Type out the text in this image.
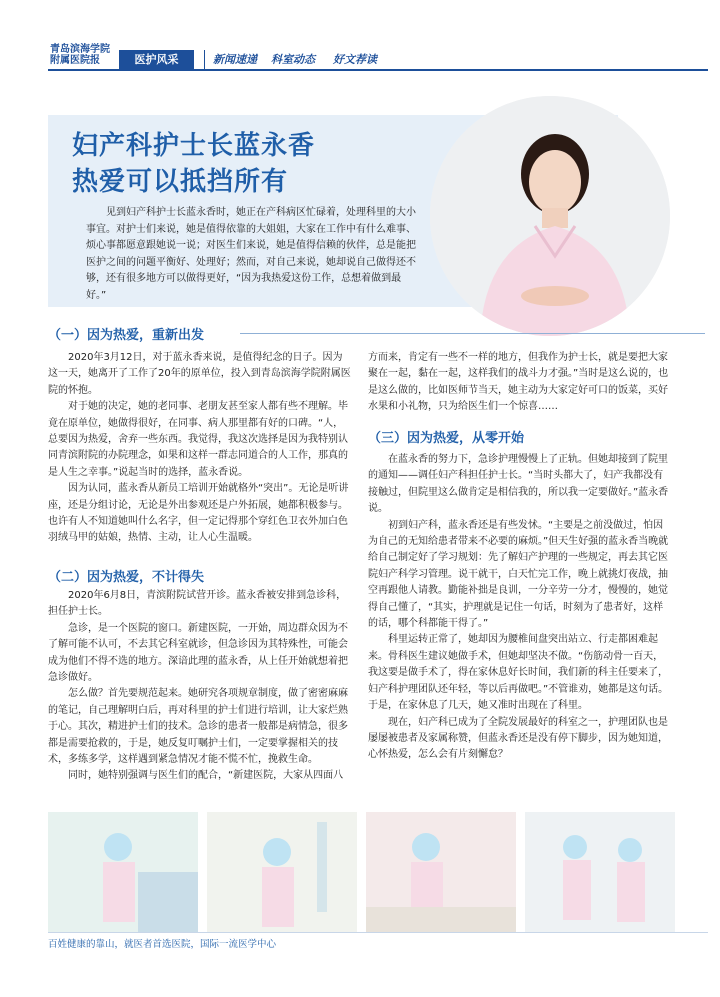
青岛滨海学院
附属医院报	医护风采	新闻速递 科室动态 好文荐读
妇产科护士长蓝永香
热爱可以抵挡所有
见到妇产科护士长蓝永香时，她正在产科病区忙碌着，处理科里的大小事宜。对护士们来说，她是值得依靠的大姐姐，大家在工作中有什么难事、烦心事都愿意跟她说一说；对医生们来说，她是值得信赖的伙伴，总是能把医护之间的问题平衡好、处理好；然而，对自己来说，她却说自己做得还不够，还有很多地方可以做得更好，“因为我热爱这份工作，总想着做到最好。”
（一）因为热爱，重新出发

2020年3月12日，对于蓝永香来说，是值得纪念的日子。因为这一天，她离开了工作了20年的原单位，投入到青岛滨海学院附属医院的怀抱。

对于她的决定，她的老同事、老朋友甚至家人都有些不理解。毕竟在原单位，她做得很好，在同事、病人那里都有好的口碑。“人，总要因为热爱，舍弃一些东西。我觉得，我这次选择是因为我特别认同青滨附院的办院理念，如果和这样一群志同道合的人工作，那真的是人生之幸事。”说起当时的选择，蓝永香说。

因为认同，蓝永香从新员工培训开始就格外“突出”。无论是听讲座，还是分组讨论，无论是外出参观还是户外拓展，她都积极参与。也许有人不知道她叫什么名字，但一定记得那个穿红色卫衣外加白色羽绒马甲的姑娘，热情、主动，让人心生温暖。

（二）因为热爱，不计得失

2020年6月8日，青滨附院试营开诊。蓝永香被安排到急诊科，担任护士长。

急诊，是一个医院的窗口。新建医院，一开始，周边群众因为不了解可能不认可，不去其它科室就诊，但急诊因为其特殊性，可能会成为他们不得不选的地方。深谙此理的蓝永香，从上任开始就想着把急诊做好。

怎么做？首先要规范起来。她研究各项规章制度，做了密密麻麻的笔记，自己理解明白后，再对科里的护士们进行培训，让大家烂熟于心。其次，精进护士们的技术。急诊的患者一般都是病情急，很多都是需要抢救的，于是，她反复叮嘱护士们，一定要掌握相关的技术，多练多学，这样遇到紧急情况才能不慌不忙，挽救生命。

同时，她特别强调与医生们的配合，“新建医院，大家从四面八

方而来，肯定有一些不一样的地方，但我作为护士长，就是要把大家聚在一起，黏在一起，这样我们的战斗力才强。”当时是这么说的，也是这么做的，比如医师节当天，她主动为大家定好可口的饭菜，买好水果和小礼物，只为给医生们一个惊喜……

（三）因为热爱，从零开始

在蓝永香的努力下，急诊护理慢慢上了正轨。但她却接到了院里的通知——调任妇产科担任护士长。“当时头都大了，妇产我都没有接触过，但院里这么做肯定是相信我的，所以我一定要做好。”蓝永香说。

初到妇产科，蓝永香还是有些发怵。“主要是之前没做过，怕因为自己的无知给患者带来不必要的麻烦。”但天生好强的蓝永香当晚就给自己制定好了学习规划：先了解妇产护理的一些规定，再去其它医院妇产科学习管理。说干就干，白天忙完工作，晚上就挑灯夜战，抽空再跟他人请教。勤能补拙是良训，一分辛劳一分才，慢慢的，她觉得自己懂了，“其实，护理就是记住一句话，时刻为了患者好，这样的话，哪个科都能干得了。”

科里运转正常了，她却因为腰椎间盘突出站立、行走都困难起来。骨科医生建议她做手术，但她却坚决不做。“伤筋动骨一百天，我这要是做手术了，得在家休息好长时间，我们新的科主任要来了，妇产科护理团队还年轻，等以后再做吧。”不管谁劝，她都是这句话。于是，在家休息了几天，她又准时出现在了科里。

现在，妇产科已成为了全院发展最好的科室之一，护理团队也是屡屡被患者及家属称赞，但蓝永香还是没有停下脚步，因为她知道，心怀热爱，怎么会有片刻懈怠？

百姓健康的靠山，就医者首选医院，国际一流医学中心
